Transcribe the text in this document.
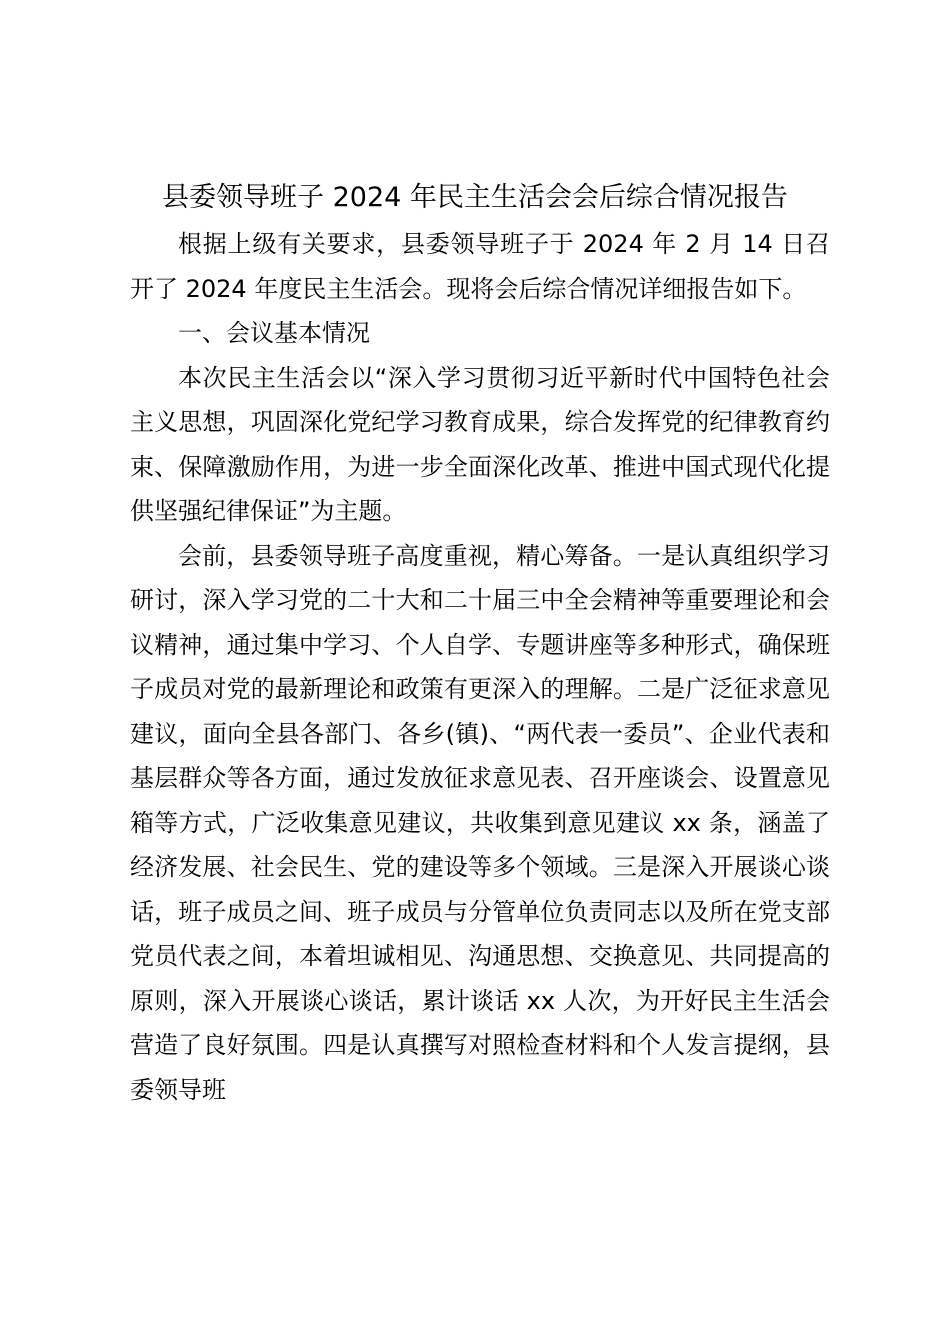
县委领导班子 2024 年民主生活会会后综合情况报告

根据上级有关要求，县委领导班子于 2024 年 2 月 14 日召开了 2024 年度民主生活会。现将会后综合情况详细报告如下。

一、会议基本情况

本次民主生活会以“深入学习贯彻习近平新时代中国特色社会主义思想，巩固深化党纪学习教育成果，综合发挥党的纪律教育约束、保障激励作用，为进一步全面深化改革、推进中国式现代化提供坚强纪律保证”为主题。

会前，县委领导班子高度重视，精心筹备。一是认真组织学习研讨，深入学习党的二十大和二十届三中全会精神等重要理论和会议精神，通过集中学习、个人自学、专题讲座等多种形式，确保班子成员对党的最新理论和政策有更深入的理解。二是广泛征求意见建议，面向全县各部门、各乡(镇)、“两代表一委员”、企业代表和基层群众等各方面，通过发放征求意见表、召开座谈会、设置意见箱等方式，广泛收集意见建议，共收集到意见建议 xx 条，涵盖了经济发展、社会民生、党的建设等多个领域。三是深入开展谈心谈话，班子成员之间、班子成员与分管单位负责同志以及所在党支部党员代表之间，本着坦诚相见、沟通思想、交换意见、共同提高的原则，深入开展谈心谈话，累计谈话 xx 人次，为开好民主生活会营造了良好氛围。四是认真撰写对照检查材料和个人发言提纲，县委领导班
